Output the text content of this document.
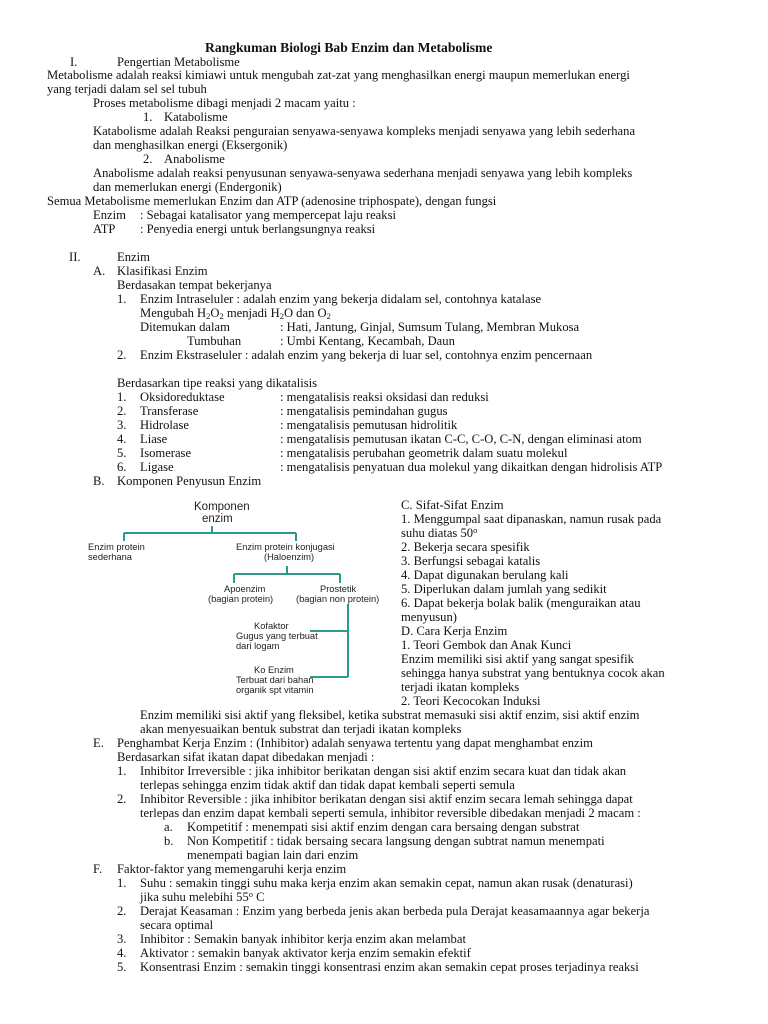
Rangkuman Biologi Bab Enzim dan Metabolisme
I.	Pengertian Metabolisme
Metabolisme adalah reaksi kimiawi untuk mengubah zat-zat yang menghasilkan energi maupun memerlukan energi
yang terjadi dalam sel sel tubuh
Proses metabolisme dibagi menjadi 2 macam yaitu :
1. Katabolisme
Katabolisme adalah Reaksi penguraian senyawa-senyawa kompleks menjadi senyawa yang lebih sederhana
dan menghasilkan energi (Eksergonik)
2. Anabolisme
Anabolisme adalah reaksi penyusunan senyawa-senyawa sederhana menjadi senyawa yang lebih kompleks
dan memerlukan energi (Endergonik)
Semua Metabolisme memerlukan Enzim dan ATP (adenosine triphospate), dengan fungsi
Enzim : Sebagai katalisator yang mempercepat laju reaksi
ATP : Penyedia energi untuk berlangsungnya reaksi
II.	Enzim
A. Klasifikasi Enzim
Berdasakan tempat bekerjanya
1. Enzim Intraseluler : adalah enzim yang bekerja didalam sel, contohnya katalase
Mengubah $H_2O_2$ menjadi $H_2O$ dan $O_2$
Ditemukan dalam	: Hati, Jantung, Ginjal, Sumsum Tulang, Membran Mukosa
Tumbuhan	: Umbi Kentang, Kecambah, Daun
2. Enzim Ekstraseluler : adalah enzim yang bekerja di luar sel, contohnya enzim pencernaan
Berdasarkan tipe reaksi yang dikatalisis
1. Oksidoreduktase	: mengatalisis reaksi oksidasi dan reduksi
2. Transferase	: mengatalisis pemindahan gugus
3. Hidrolase	: mengatalisis pemutusan hidrolitik
4. Liase	: mengatalisis pemutusan ikatan C-C, C-O, C-N, dengan eliminasi atom
5. Isomerase	: mengatalisis perubahan geometrik dalam suatu molekul
6. Ligase	: mengatalisis penyatuan dua molekul yang dikaitkan dengan hidrolisis ATP
B. Komponen Penyusun Enzim
Komponen
enzim
Enzim protein
sederhana
Enzim protein konjugasi
(Haloenzim)
Apoenzim
(bagian protein)
Prostetik
(bagian non protein)
Kofaktor
Gugus yang terbuat
dari logam
Ko Enzim
Terbuat dari bahan
organik spt vitamin
C. Sifat-Sifat Enzim
1. Menggumpal saat dipanaskan, namun rusak pada
suhu diatas 50$^o$
2. Bekerja secara spesifik
3. Berfungsi sebagai katalis
4. Dapat digunakan berulang kali
5. Diperlukan dalam jumlah yang sedikit
6. Dapat bekerja bolak balik (menguraikan atau
menyusun)
D. Cara Kerja Enzim
1. Teori Gembok dan Anak Kunci
Enzim memiliki sisi aktif yang sangat spesifik
sehingga hanya substrat yang bentuknya cocok akan
terjadi ikatan kompleks
2. Teori Kecocokan Induksi
Enzim memiliki sisi aktif yang fleksibel, ketika substrat memasuki sisi aktif enzim, sisi aktif enzim
akan menyesuaikan bentuk substrat dan terjadi ikatan kompleks
E. Penghambat Kerja Enzim : (Inhibitor) adalah senyawa tertentu yang dapat menghambat enzim
Berdasarkan sifat ikatan dapat dibedakan menjadi :
1. Inhibitor Irreversible : jika inhibitor berikatan dengan sisi aktif enzim secara kuat dan tidak akan
terlepas sehingga enzim tidak aktif dan tidak dapat kembali seperti semula
2. Inhibitor Reversible : jika inhibitor berikatan dengan sisi aktif enzim secara lemah sehingga dapat
terlepas dan enzim dapat kembali seperti semula, inhibitor reversible dibedakan menjadi 2 macam :
a. Kompetitif : menempati sisi aktif enzim dengan cara bersaing dengan substrat
b. Non Kompetitif : tidak bersaing secara langsung dengan subtrat namun menempati
menempati bagian lain dari enzim
F. Faktor-faktor yang memengaruhi kerja enzim
1. Suhu : semakin tinggi suhu maka kerja enzim akan semakin cepat, namun akan rusak (denaturasi)
jika suhu melebihi 55$^o$ C
2. Derajat Keasaman : Enzim yang berbeda jenis akan berbeda pula Derajat keasamaannya agar bekerja
secara optimal
3. Inhibitor : Semakin banyak inhibitor kerja enzim akan melambat
4. Aktivator : semakin banyak aktivator kerja enzim semakin efektif
5. Konsentrasi Enzim : semakin tinggi konsentrasi enzim akan semakin cepat proses terjadinya reaksi
